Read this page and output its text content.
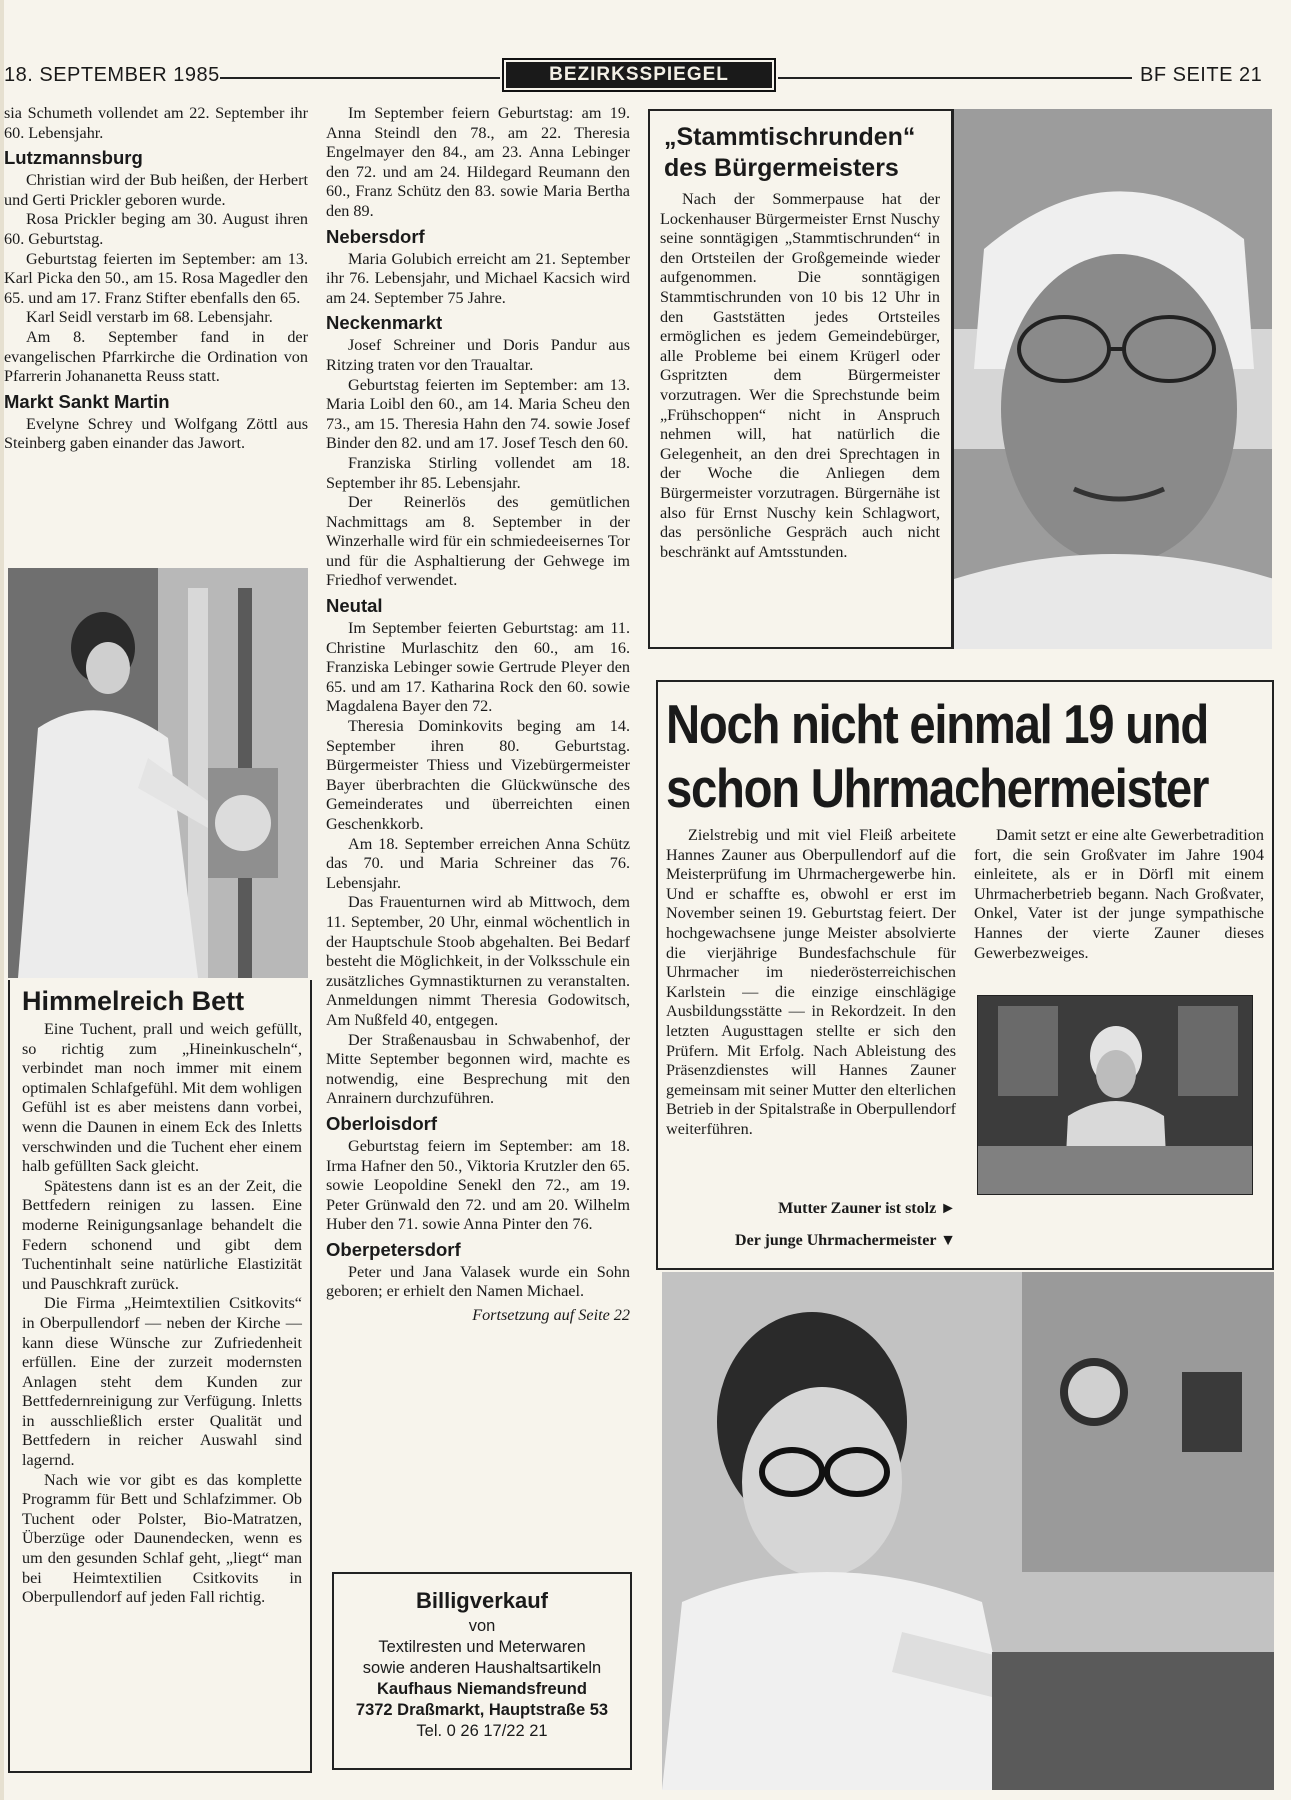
18. SEPTEMBER 1985	BEZIRKSSPIEGEL	BF SEITE 21

sia Schumeth vollendet am 22. September ihr 60. Lebensjahr.

Lutzmannsburg

Christian wird der Bub heißen, der Herbert und Gerti Prickler geboren wurde.

Rosa Prickler beging am 30. August ihren 60. Geburtstag.

Geburtstag feierten im September: am 13. Karl Picka den 50., am 15. Rosa Magedler den 65. und am 17. Franz Stifter ebenfalls den 65.

Karl Seidl verstarb im 68. Lebensjahr.

Am 8. September fand in der evangelischen Pfarrkirche die Ordination von Pfarrerin Johananetta Reuss statt.

Markt Sankt Martin

Evelyne Schrey und Wolfgang Zöttl aus Steinberg gaben einander das Jawort.

Himmelreich Bett

Eine Tuchent, prall und weich gefüllt, so richtig zum „Hineinkuscheln“, verbindet man noch immer mit einem optimalen Schlafgefühl. Mit dem wohligen Gefühl ist es aber meistens dann vorbei, wenn die Daunen in einem Eck des Inletts verschwinden und die Tuchent eher einem halb gefüllten Sack gleicht.

Spätestens dann ist es an der Zeit, die Bettfedern reinigen zu lassen. Eine moderne Reinigungsanlage behandelt die Federn schonend und gibt dem Tuchentinhalt seine natürliche Elastizität und Pauschkraft zurück.

Die Firma „Heimtextilien Csitkovits“ in Oberpullendorf — neben der Kirche — kann diese Wünsche zur Zufriedenheit erfüllen. Eine der zurzeit modernsten Anlagen steht dem Kunden zur Bettfedernreinigung zur Verfügung. Inletts in ausschließlich erster Qualität und Bettfedern in reicher Auswahl sind lagernd.

Nach wie vor gibt es das komplette Programm für Bett und Schlafzimmer. Ob Tuchent oder Polster, Bio-Matratzen, Überzüge oder Daunendecken, wenn es um den gesunden Schlaf geht, „liegt“ man bei Heimtextilien Csitkovits in Oberpullendorf auf jeden Fall richtig.

Im September feiern Geburtstag: am 19. Anna Steindl den 78., am 22. Theresia Engelmayer den 84., am 23. Anna Lebinger den 72. und am 24. Hildegard Reumann den 60., Franz Schütz den 83. sowie Maria Bertha den 89.

Nebersdorf

Maria Golubich erreicht am 21. September ihr 76. Lebensjahr, und Michael Kacsich wird am 24. September 75 Jahre.

Neckenmarkt

Josef Schreiner und Doris Pandur aus Ritzing traten vor den Traualtar.

Geburtstag feierten im September: am 13. Maria Loibl den 60., am 14. Maria Scheu den 73., am 15. Theresia Hahn den 74. sowie Josef Binder den 82. und am 17. Josef Tesch den 60.

Franziska Stirling vollendet am 18. September ihr 85. Lebensjahr.

Der Reinerlös des gemütlichen Nachmittags am 8. September in der Winzerhalle wird für ein schmiedeeisernes Tor und für die Asphaltierung der Gehwege im Friedhof verwendet.

Neutal

Im September feierten Geburtstag: am 11. Christine Murlaschitz den 60., am 16. Franziska Lebinger sowie Gertrude Pleyer den 65. und am 17. Katharina Rock den 60. sowie Magdalena Bayer den 72.

Theresia Dominkovits beging am 14. September ihren 80. Geburtstag. Bürgermeister Thiess und Vizebürgermeister Bayer überbrachten die Glückwünsche des Gemeinderates und überreichten einen Geschenkkorb.

Am 18. September erreichen Anna Schütz das 70. und Maria Schreiner das 76. Lebensjahr.

Das Frauenturnen wird ab Mittwoch, dem 11. September, 20 Uhr, einmal wöchentlich in der Hauptschule Stoob abgehalten. Bei Bedarf besteht die Möglichkeit, in der Volksschule ein zusätzliches Gymnastikturnen zu veranstalten. Anmeldungen nimmt Theresia Godowitsch, Am Nußfeld 40, entgegen.

Der Straßenausbau in Schwabenhof, der Mitte September begonnen wird, machte es notwendig, eine Besprechung mit den Anrainern durchzuführen.

Oberloisdorf

Geburtstag feiern im September: am 18. Irma Hafner den 50., Viktoria Krutzler den 65. sowie Leopoldine Senekl den 72., am 19. Peter Grünwald den 72. und am 20. Wilhelm Huber den 71. sowie Anna Pinter den 76.

Oberpetersdorf

Peter und Jana Valasek wurde ein Sohn geboren; er erhielt den Namen Michael.

Fortsetzung auf Seite 22

Billigverkauf
von
Textilresten und Meterwaren
sowie anderen Haushaltsartikeln
Kaufhaus Niemandsfreund
7372 Draßmarkt, Hauptstraße 53
Tel. 0 26 17/22 21
„Stammtischrunden“
des Bürgermeisters

Nach der Sommerpause hat der Lockenhauser Bürgermeister Ernst Nuschy seine sonntägigen „Stammtischrunden“ in den Ortsteilen der Großgemeinde wieder aufgenommen. Die sonntägigen Stammtischrunden von 10 bis 12 Uhr in den Gaststätten jedes Ortsteiles ermöglichen es jedem Gemeindebürger, alle Probleme bei einem Krügerl oder Gspritzten dem Bürgermeister vorzutragen. Wer die Sprechstunde beim „Frühschoppen“ nicht in Anspruch nehmen will, hat natürlich die Gelegenheit, an den drei Sprechtagen in der Woche die Anliegen dem Bürgermeister vorzutragen. Bürgernähe ist also für Ernst Nuschy kein Schlagwort, das persönliche Gespräch auch nicht beschränkt auf Amtsstunden.

Noch nicht einmal 19 und
schon Uhrmachermeister

Zielstrebig und mit viel Fleiß arbeitete Hannes Zauner aus Oberpullendorf auf die Meisterprüfung im Uhrmachergewerbe hin. Und er schaffte es, obwohl er erst im November seinen 19. Geburtstag feiert. Der hochgewachsene junge Meister absolvierte die vierjährige Bundesfachschule für Uhrmacher im niederösterreichischen Karlstein — die einzige einschlägige Ausbildungsstätte — in Rekordzeit. In den letzten Augusttagen stellte er sich den Prüfern. Mit Erfolg. Nach Ableistung des Präsenzdienstes will Hannes Zauner gemeinsam mit seiner Mutter den elterlichen Betrieb in der Spitalstraße in Oberpullendorf weiterführen.

Damit setzt er eine alte Gewerbetradition fort, die sein Großvater im Jahre 1904 einleitete, als er in Dörfl mit einem Uhrmacherbetrieb begann. Nach Großvater, Onkel, Vater ist der junge sympathische Hannes der vierte Zauner dieses Gewerbezweiges.

Mutter Zauner ist stolz ►
Der junge Uhrmachermeister ▼
